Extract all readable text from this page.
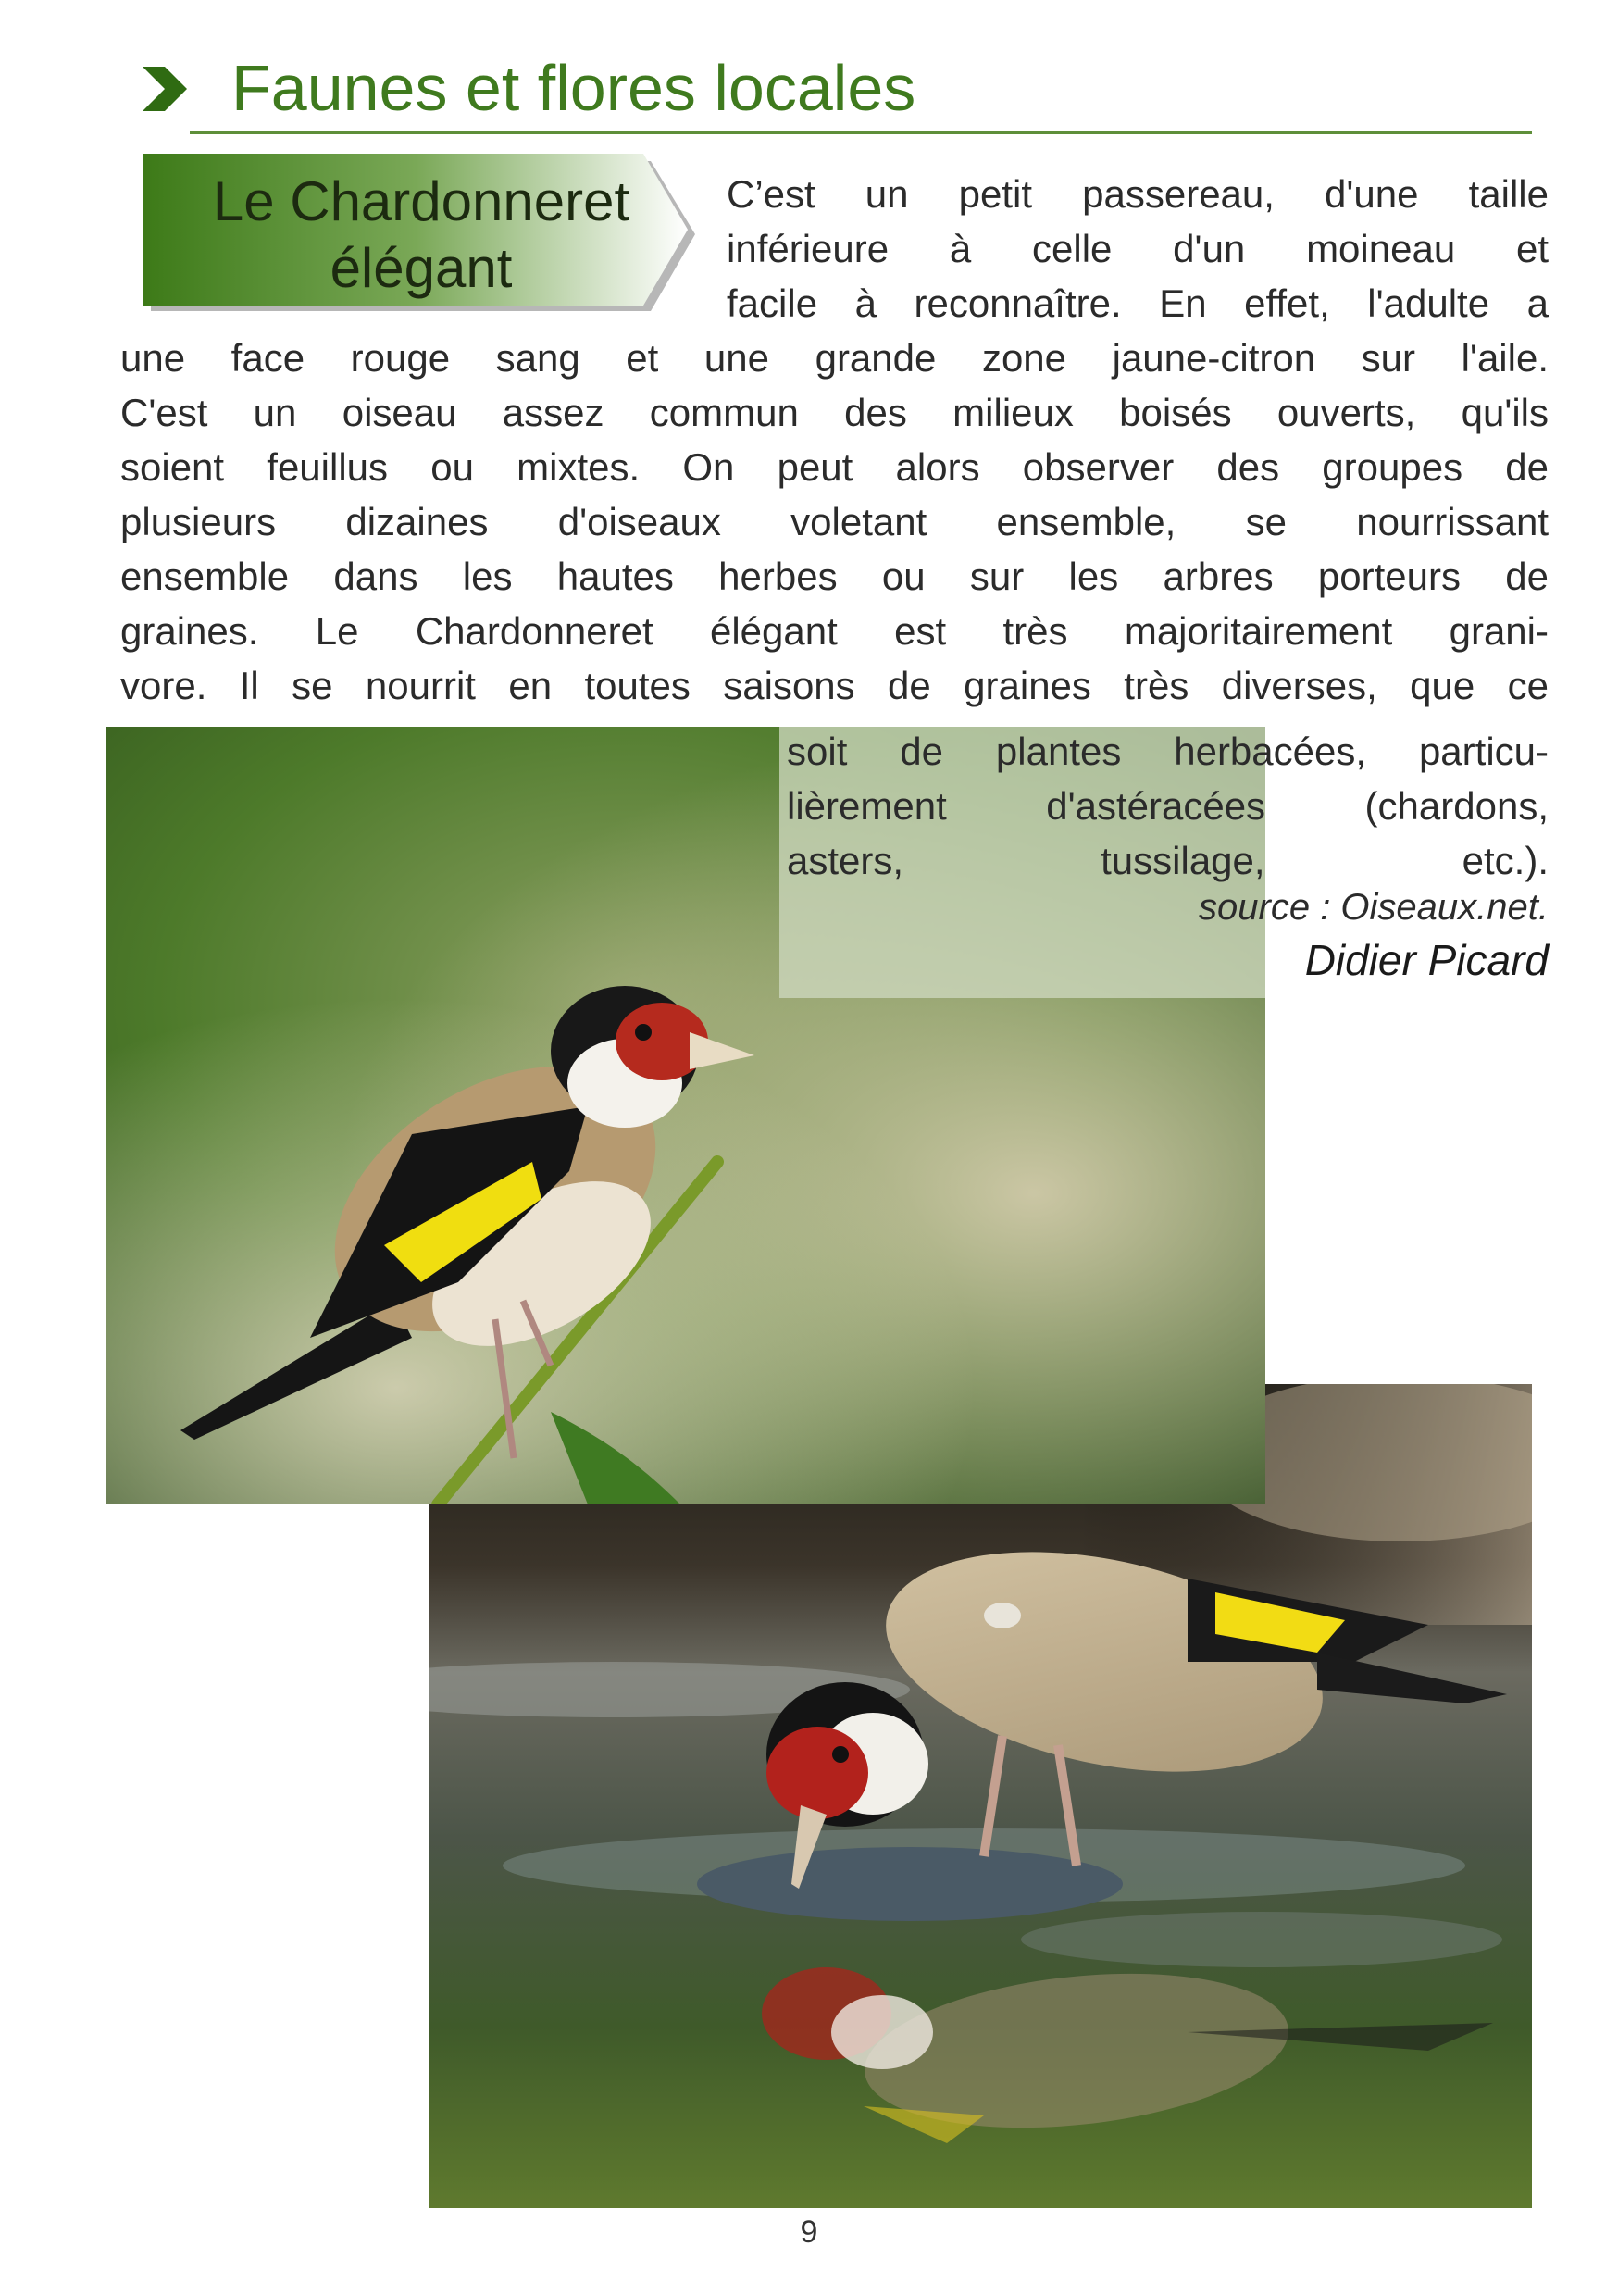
Faunes et flores locales
Le Chardonneret
élégant
C’est un petit passereau, d'une taille
inférieure à celle d'un moineau et
facile à reconnaître. En effet, l'adulte a
une face rouge sang et une grande zone jaune-citron sur l'aile.
C'est un oiseau assez commun des milieux boisés ouverts, qu'ils
soient feuillus ou mixtes. On peut alors observer des groupes de
plusieurs dizaines d'oiseaux voletant ensemble, se nourrissant
ensemble dans les hautes herbes ou sur les arbres porteurs de
graines. Le Chardonneret élégant est très majoritairement grani-
vore. Il se nourrit en toutes saisons de graines très diverses, que ce
soit de plantes herbacées, particu-
lièrement d'astéracées (chardons,
asters, tussilage, etc.).
source : Oiseaux.net.
Didier Picard
9
